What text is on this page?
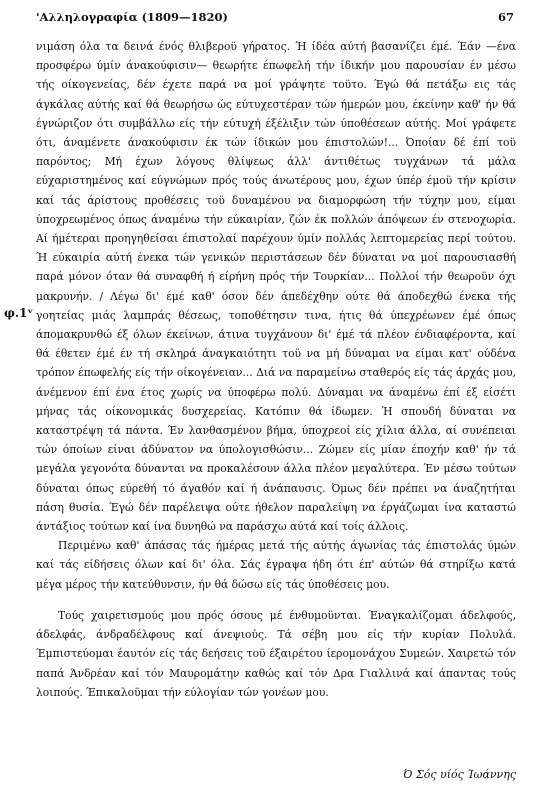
'Αλληλογραφία (1809—1820)	67
φ.1ᵛ

νιμάση όλα τα δεινά ένός θλιβεροϋ γήρατος. Ή ίδέα αύτή βασανίζει έμέ. Έάν —ένα προσφέρω ύμίν άνακούφισιν— θεωρήτε έπωφελή τήν ίδικήν μου παρουσίαν έν μέσω τής οίκογενείας, δέν έχετε παρά να μοί γράψητε τοϋτο. Έγώ θά πετάξω εις τάς άγκάλας αύτής καί θά θεωρήσω ώς εύτυχεστέραν τών ήμερών μου, έκείνην καθ' ήν θά έγνώριζον ότι συμβάλλω είς τήν εύτυχή έξέλιξιν τών ύποθέσεων αύτής. Μοί γράφετε ότι, άναμένετε άνακούφισιν έκ τών ίδικών μου έπιστολών!... Όποίαν δέ έπί τοϋ παρόντος; Μή έχων λόγους θλίψεως άλλ' άντιθέτως τυγχάνων τά μάλα εύχαριστημένος καί εύγνώμων πρός τούς άνωτέρους μου, έχων ύπέρ έμοϋ τήν κρίσιν καί τάς άρίστους προθέσεις τοϋ δυναμένου να διαμορφώση τήν τύχην μου, είμαι ύποχρεωμένος όπως άναμένω τήν εύκαιρίαν, ζών έκ πολλών άπόψεων έν στενοχωρία. Αί ήμέτεραι προηγηθείσαι έπιστολαί παρέχουν ύμίν πολλάς λεπτομερείας περί τούτου. Ή εύκαιρία αύτή ένεκα τών γενικών περιστάσεων δέν δύναται να μοί παρουσιασθή παρά μόνον όταν θά συναφθή ή είρήνη πρός τήν Τουρκίαν... Πολλοί τήν θεωροϋν όχι μακρυνήν. / Λέγω δι' έμέ καθ' όσον δέν άπεδέχθην ούτε θά άποδεχθώ ένεκα τής γοητείας μιάς λαμπράς θέσεως, τοποθέτησιν τινα, ήτις θά ύπεχρέωνεν έμέ όπως άπομακρυνθώ έξ όλων έκείνων, άτινα τυγχάνουν δι' έμέ τά πλέον ένδιαφέροντα, καί θά έθετεν έμέ έν τή σκληρά άναγκαιότητι τοϋ να μή δύναμαι να είμαι κατ' ούδένα τρόπον έπωφελής είς τήν οίκογένειαν... Διά να παραμείνω σταθερός είς τάς άρχάς μου, άνέμενον έπί ένα έτος χωρίς να ύποφέρω πολύ. Δύναμαι να άναμένω έπί έξ είσέτι μήνας τάς οίκονομικάς δυσχερείας. Κατόπιν θά ίδωμεν. Ή σπουδή δύναται να καταστρέψη τά πάντα. Έν λανθασμένον βήμα, ύποχρεοί είς χίλια άλλα, αί συνέπειαι τών όποίων είναι άδύνατον να ύπολογισθώσιν... Ζώμεν είς μίαν έποχήν καθ' ήν τά μεγάλα γεγονότα δύνανται να προκαλέσουν άλλα πλέον μεγαλύτερα. Έν μέσω τούτων δύναται όπως εύρεθή τό άγαθόν καί ή άνάπαυσις. Όμως δέν πρέπει να άναζητήται πάση θυσία. Έγώ δέν παρέλειψα ούτε ήθελον παραλείψη να έργάζωμαι ίνα καταστώ άντάξιος τούτων καί ίνα δυνηθώ να παράσχω αύτά καί τοίς άλλοις.

Περιμένω καθ' άπάσας τάς ήμέρας μετά τής αύτής άγωνίας τάς έπιστολάς ύμών καί τάς είδήσεις όλων καί δι' όλα. Σάς έγραψα ήδη ότι έπ' αύτών θά στηρίξω κατά μέγα μέρος τήν κατεύθυνσιν, ήν θά δώσω είς τάς ύποθέσεις μου.

Τούς χαιρετισμούς μου πρός όσους μέ ένθυμοϋνται. Έναγκαλίζομαι άδελφούς, άδελφάς, άνδραδέλφους καί άνεψιούς. Τά σέβη μου είς τήν κυρίαν Πολυλά. Έμπιστεύομαι έαυτόν είς τάς δεήσεις τοϋ έξαιρέτου ίερομονάχου Συμεών. Χαιρετώ τόν παπά Άνδρέαν καί τόν Μαυρομάτην καθώς καί τόν Δρα Γιαλλινά καί άπαντας τούς λοιπούς. Έπικαλοϋμαι τήν εύλογίαν τών γονέων μου.

Ό Σός υίός Ίωάννης
